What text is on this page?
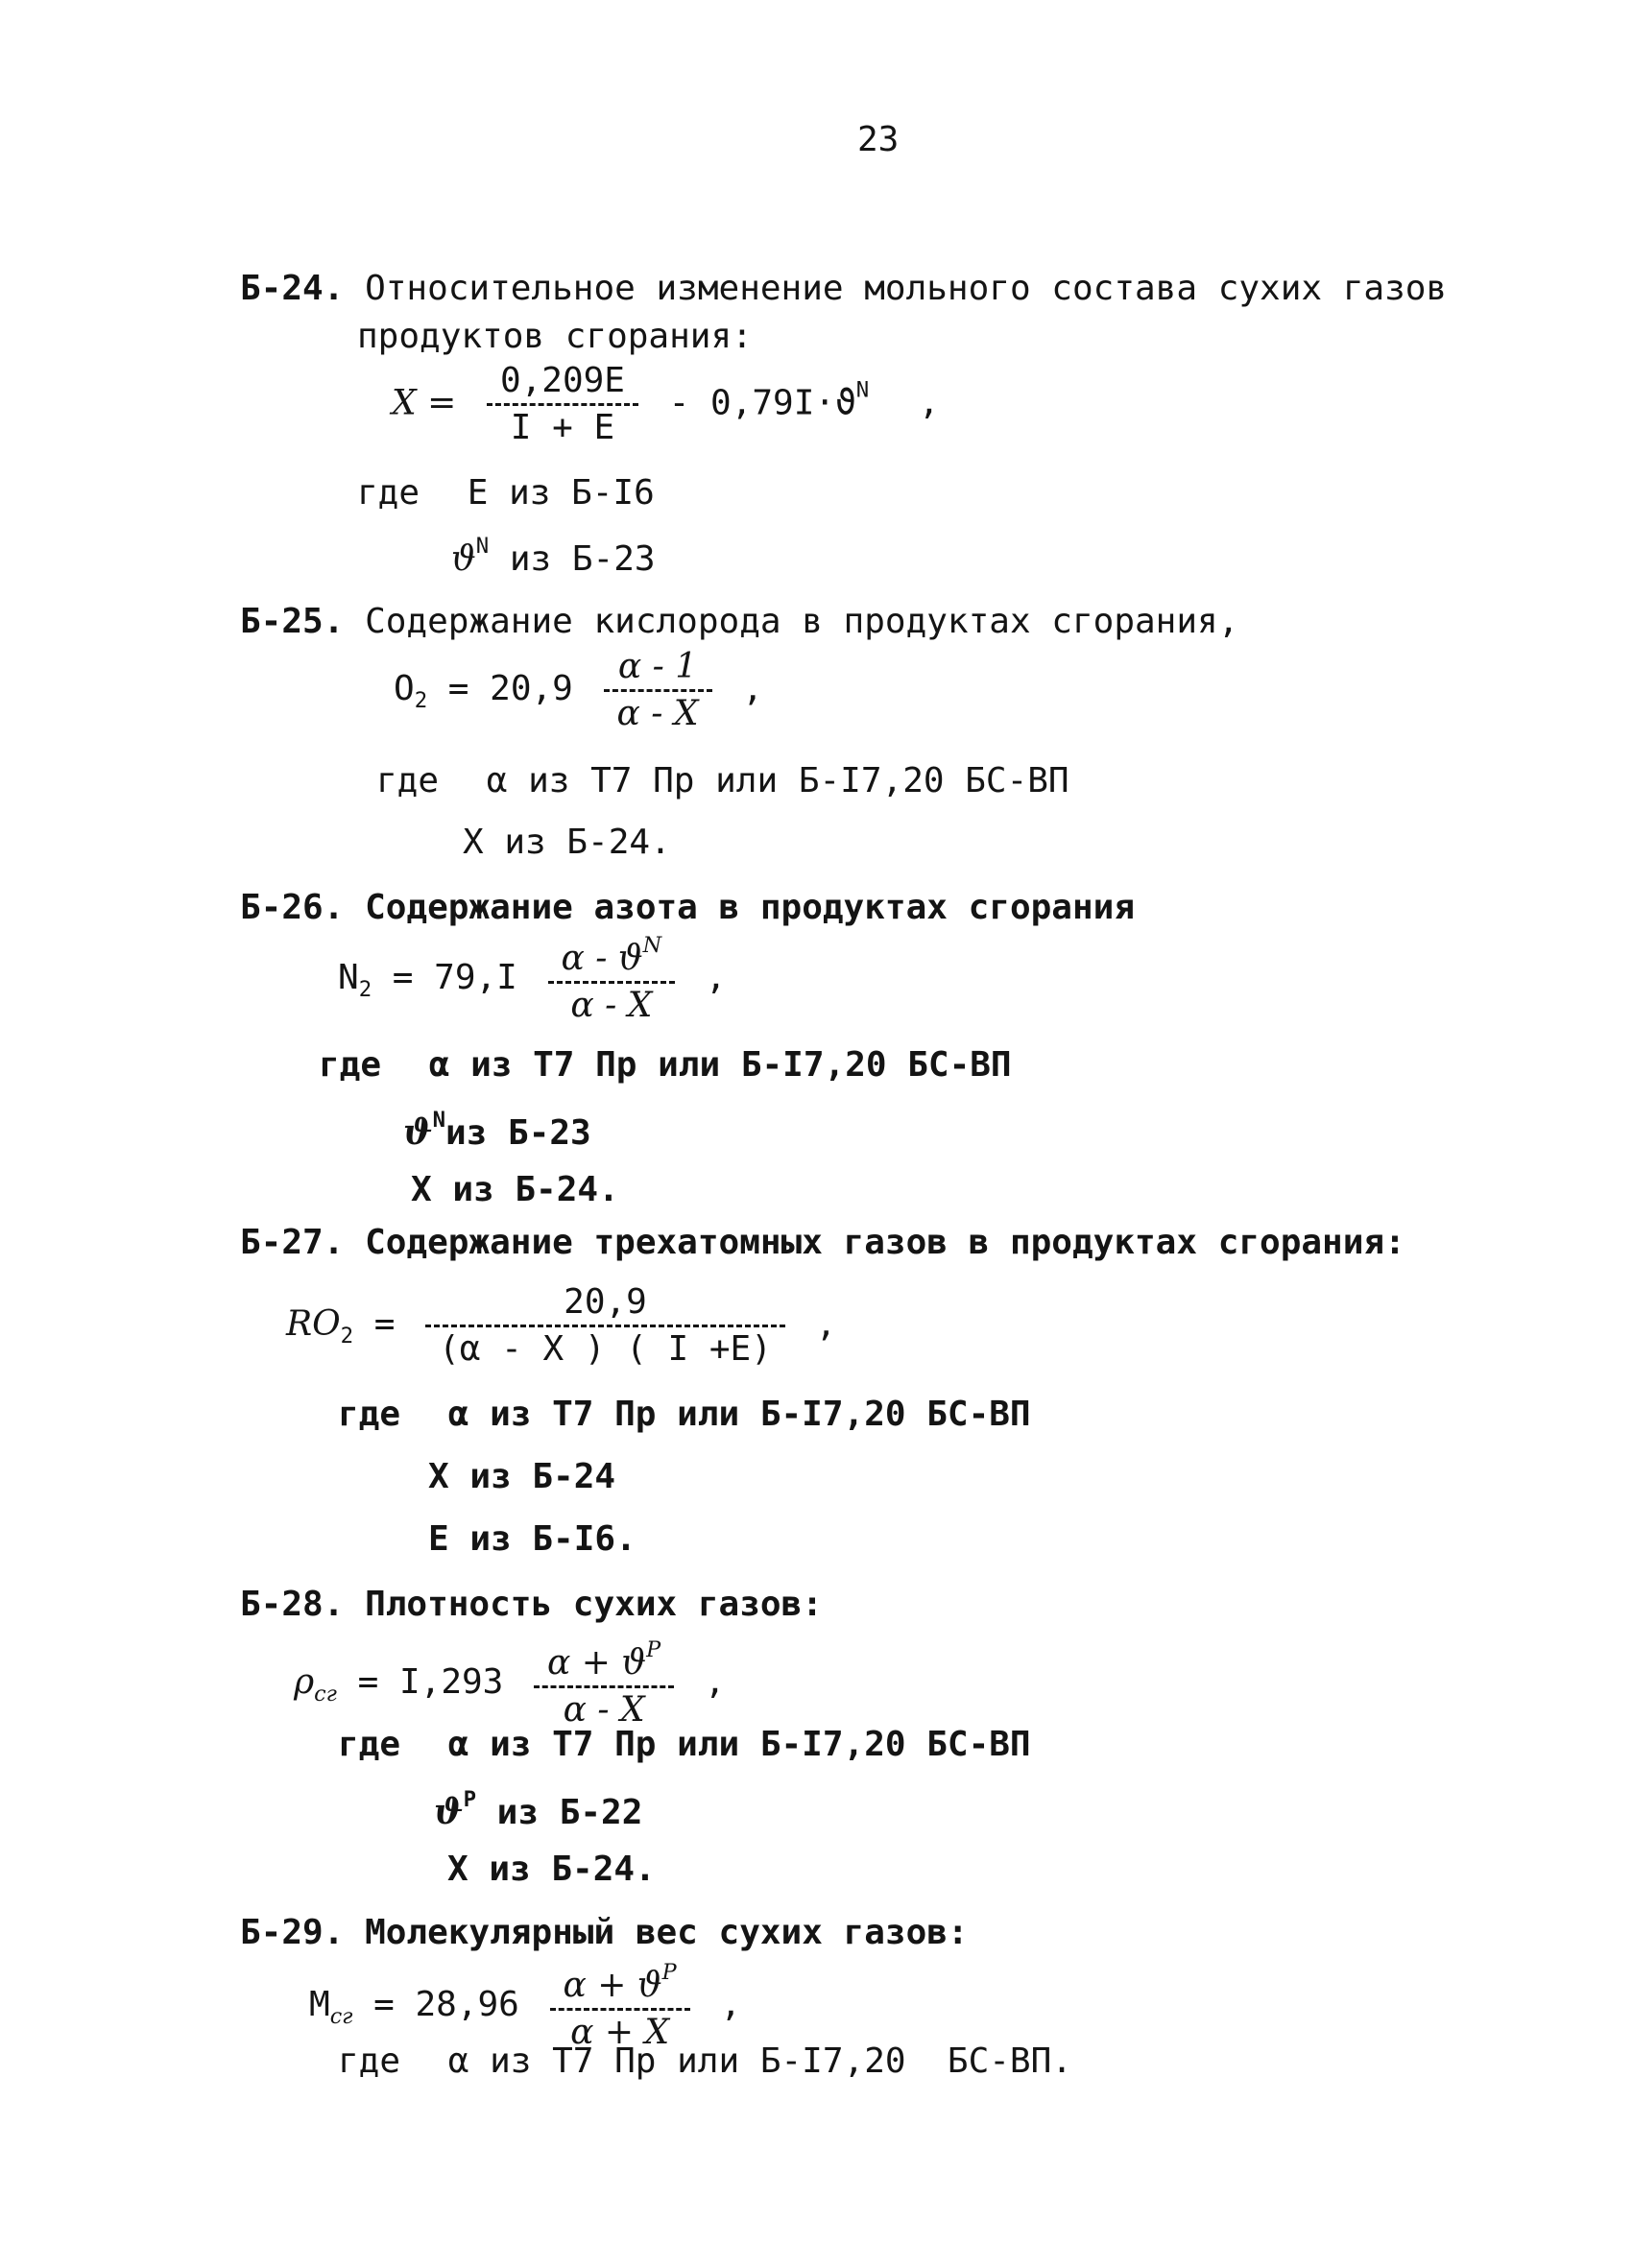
23
Б-24. Относительное изменение мольного состава сухих газов
продуктов сгорания:
$X = \frac{0,209E}{I + E} - 0,79I\cdot ϑ^N$ ,
где E из Б-I6
$ϑ^N$ из Б-23
Б-25. Содержание кислорода в продуктах сгорания,
$O_2 = 20,9 \frac{\alpha - 1}{\alpha - X}$ ,
где α из Т7 Пр или Б-I7,20 БС-ВП
X из Б-24.
Б-26. Содержание азота в продуктах сгорания
$N_2 = 79,I \frac{\alpha - ϑ^N}{\alpha - X}$ ,
где α из Т7 Пр или Б-I7,20 БС-ВП
$ϑ^Nиз$ Б-23
X из Б-24.
Б-27. Содержание трехатомных газов в продуктах сгорания:
$RO_2 = \frac{20,9}{(\alpha - X ) ( I +E)}$ ,
где α из Т7 Пр или Б-I7,20 БС-ВП
X из Б-24
E из Б-I6.
Б-28. Плотность сухих газов:
$\rho_{сг} = I,293 \frac{\alpha + ϑ^P}{\alpha - X}$ ,
где α из Т7 Пр или Б-I7,20 БС-ВП
$ϑ^P$ из Б-22
X из Б-24.
Б-29. Молекулярный вес сухих газов:
$M_{сг} = 28,96 \frac{\alpha + ϑ^P}{\alpha + X}$ ,
где α из Т7 Пр или Б-I7,20  БС-ВП.
